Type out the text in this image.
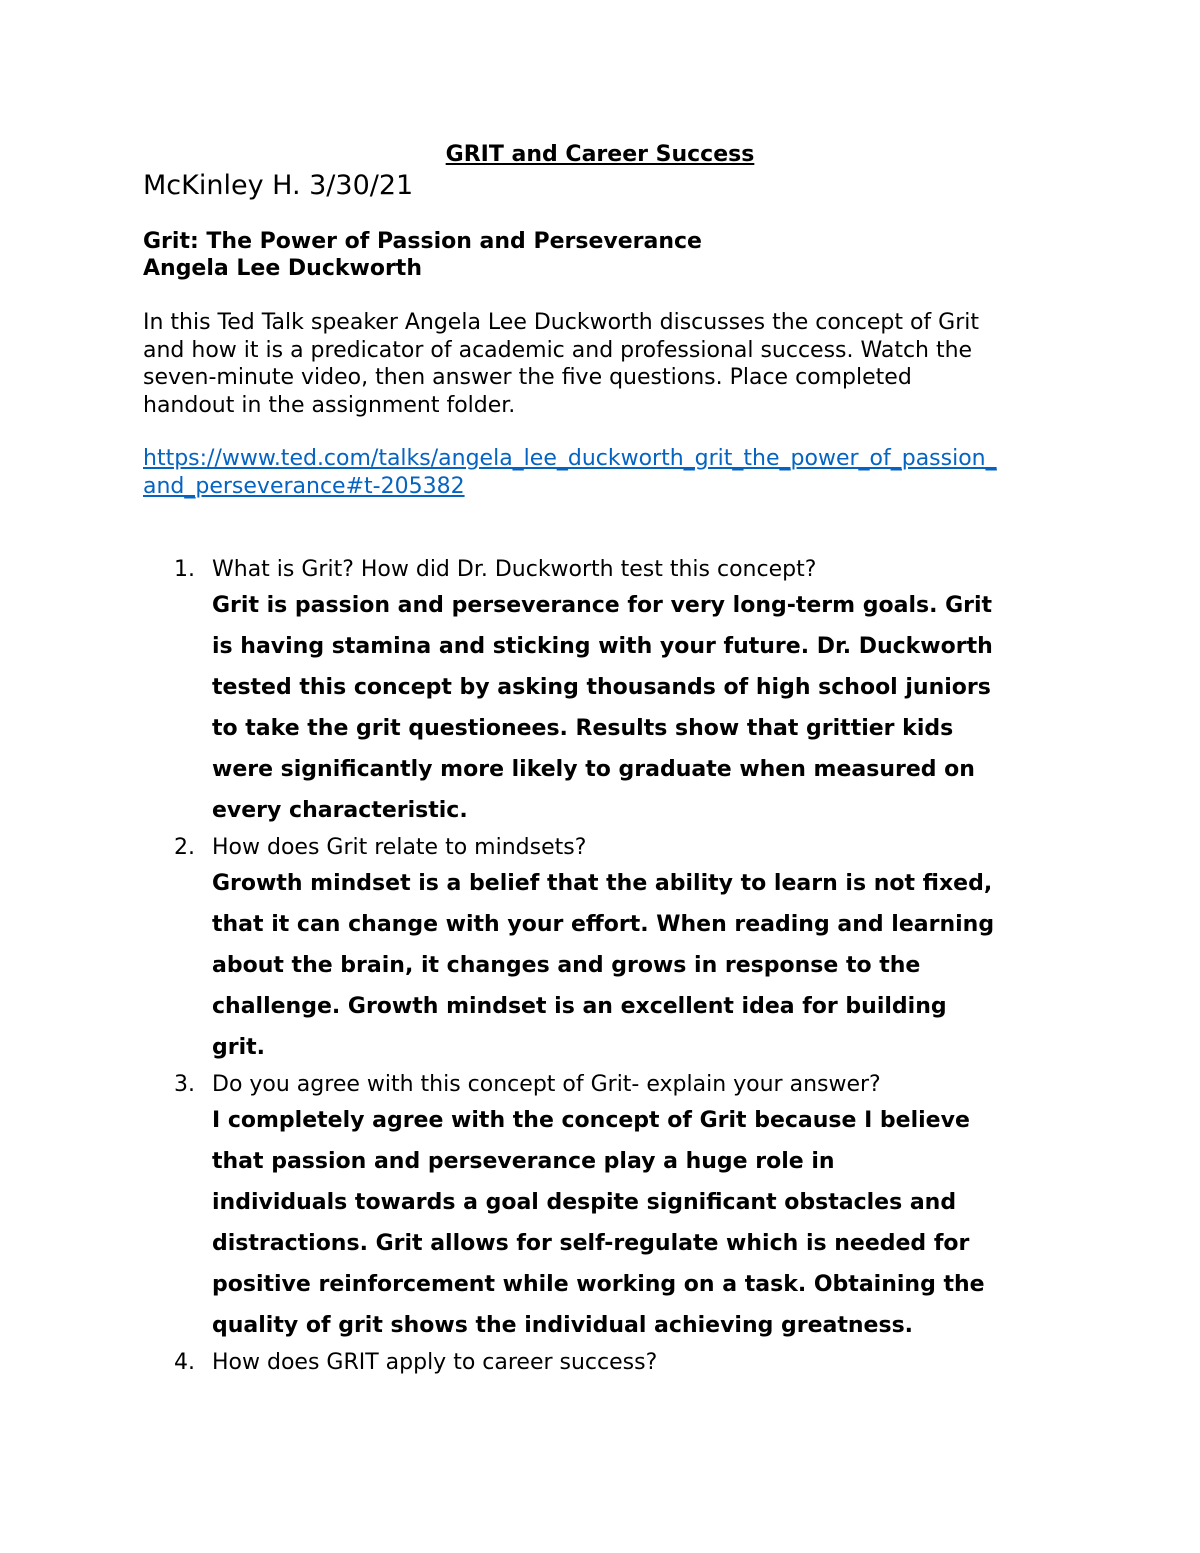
GRIT and Career Success
McKinley H. 3/30/21
Grit: The Power of Passion and Perseverance
Angela Lee Duckworth
In this Ted Talk speaker Angela Lee Duckworth discusses the concept of Grit
and how it is a predicator of academic and professional success. Watch the
seven-minute video, then answer the five questions. Place completed
handout in the assignment folder.
https://www.ted.com/talks/angela_lee_duckworth_grit_the_power_of_passion_
and_perseverance#t-205382
1. What is Grit? How did Dr. Duckworth test this concept?
Grit is passion and perseverance for very long-term goals. Grit
is having stamina and sticking with your future. Dr. Duckworth
tested this concept by asking thousands of high school juniors
to take the grit questionees. Results show that grittier kids
were significantly more likely to graduate when measured on
every characteristic.
2. How does Grit relate to mindsets?
Growth mindset is a belief that the ability to learn is not fixed,
that it can change with your effort. When reading and learning
about the brain, it changes and grows in response to the
challenge. Growth mindset is an excellent idea for building
grit.
3. Do you agree with this concept of Grit- explain your answer?
I completely agree with the concept of Grit because I believe
that passion and perseverance play a huge role in
individuals towards a goal despite significant obstacles and
distractions. Grit allows for self-regulate which is needed for
positive reinforcement while working on a task. Obtaining the
quality of grit shows the individual achieving greatness.
4. How does GRIT apply to career success?
